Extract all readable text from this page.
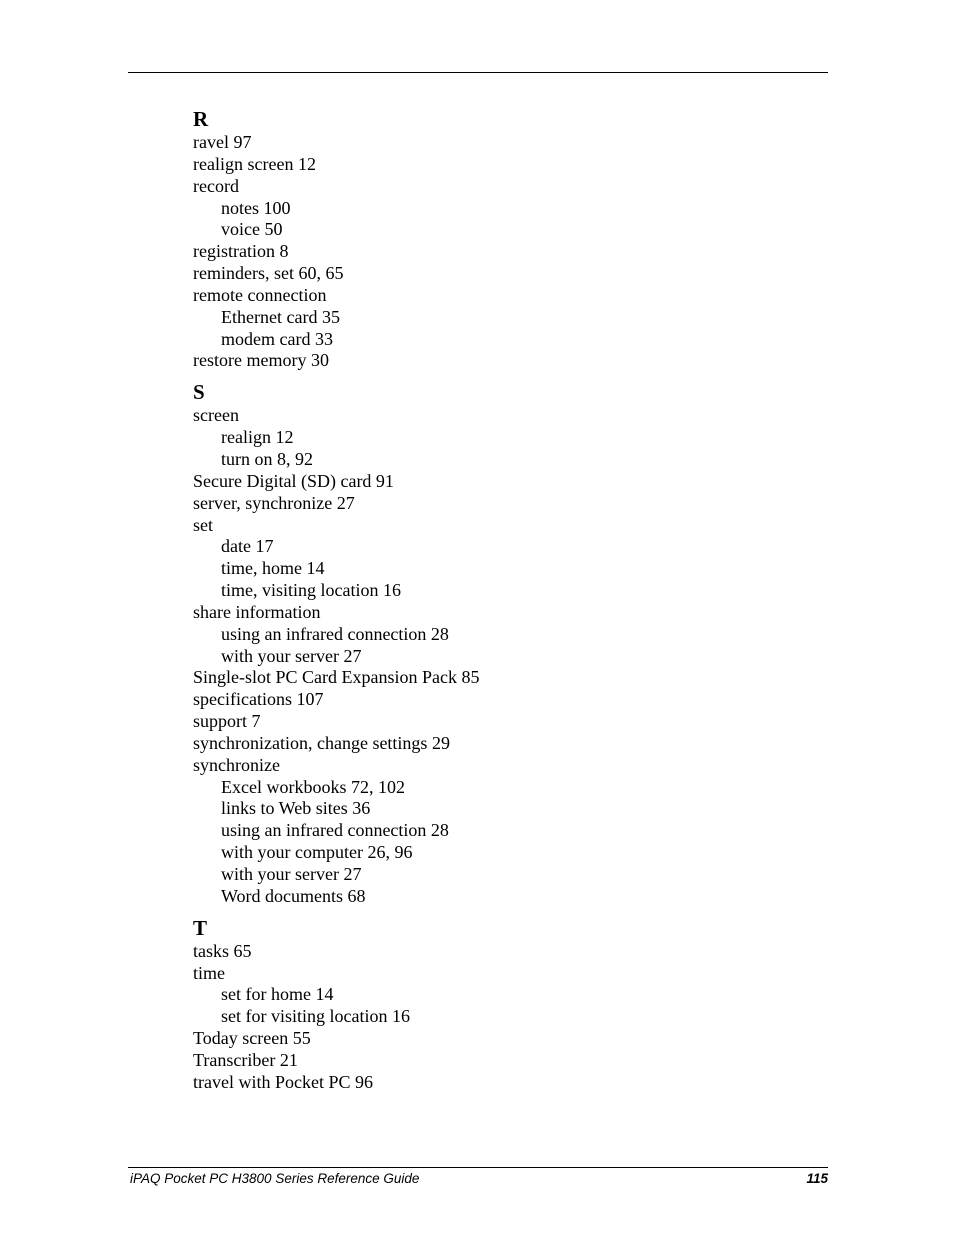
R
ravel 97
realign screen 12
record
notes 100
voice 50
registration 8
reminders, set 60, 65
remote connection
Ethernet card 35
modem card 33
restore memory 30
S
screen
realign 12
turn on 8, 92
Secure Digital (SD) card 91
server, synchronize 27
set
date 17
time, home 14
time, visiting location 16
share information
using an infrared connection 28
with your server 27
Single-slot PC Card Expansion Pack 85
specifications 107
support 7
synchronization, change settings 29
synchronize
Excel workbooks 72, 102
links to Web sites 36
using an infrared connection 28
with your computer 26, 96
with your server 27
Word documents 68
T
tasks 65
time
set for home 14
set for visiting location 16
Today screen 55
Transcriber 21
travel with Pocket PC 96
iPAQ Pocket PC H3800 Series Reference Guide	115
